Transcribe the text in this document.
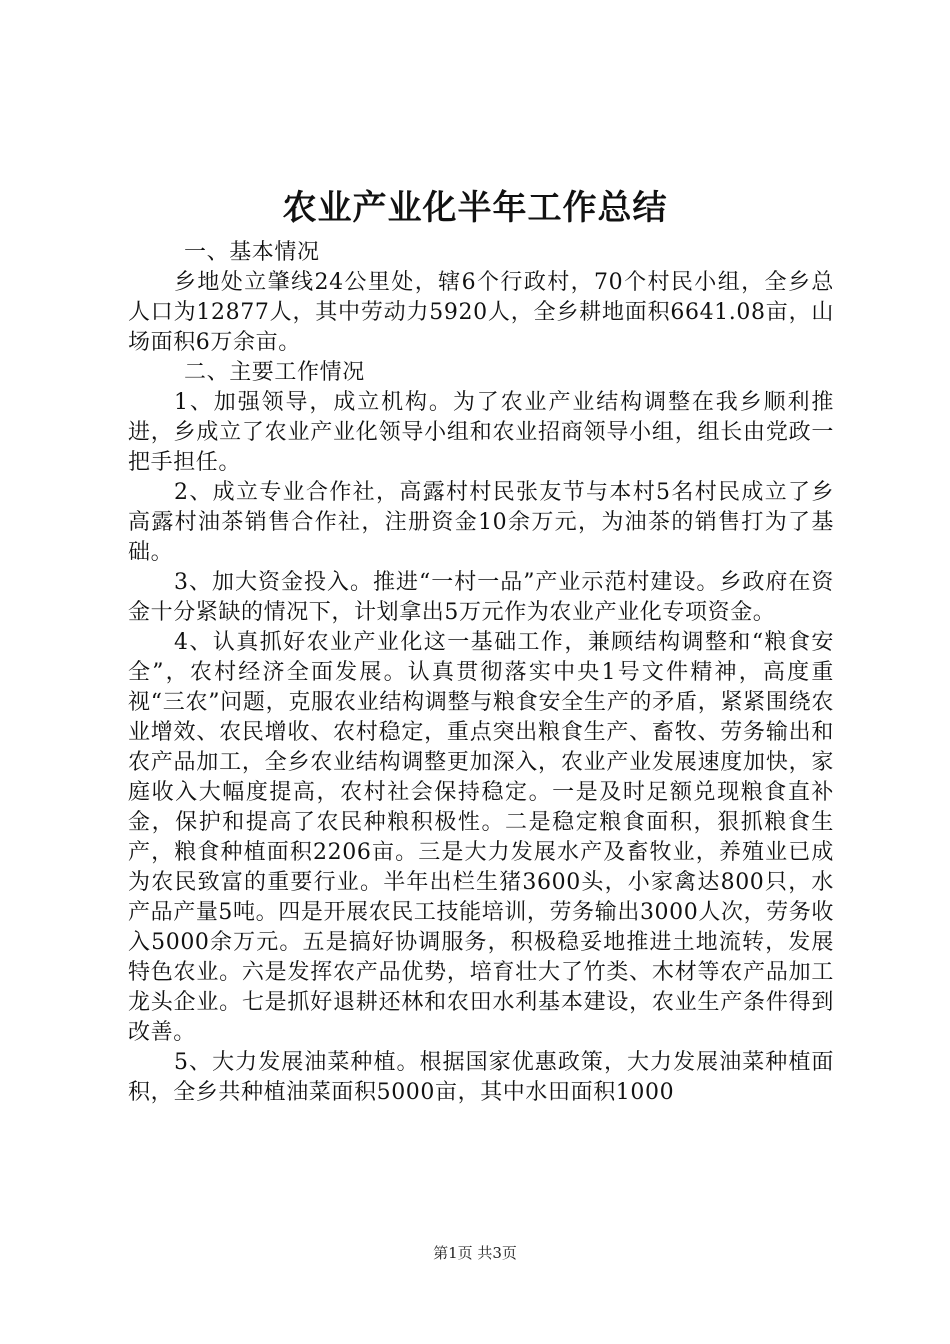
农业产业化半年工作总结

一、基本情况

乡地处立肇线24公里处，辖6个行政村，70个村民小组，全乡总人口为12877人，其中劳动力5920人，全乡耕地面积6641.08亩，山场面积6万余亩。

二、主要工作情况

1、加强领导，成立机构。为了农业产业结构调整在我乡顺利推进，乡成立了农业产业化领导小组和农业招商领导小组，组长由党政一把手担任。

2、成立专业合作社，高露村村民张友节与本村5名村民成立了乡高露村油茶销售合作社，注册资金10余万元，为油茶的销售打为了基础。

3、加大资金投入。推进“一村一品”产业示范村建设。乡政府在资金十分紧缺的情况下，计划拿出5万元作为农业产业化专项资金。

4、认真抓好农业产业化这一基础工作，兼顾结构调整和“粮食安全”，农村经济全面发展。认真贯彻落实中央1号文件精神，高度重视“三农”问题，克服农业结构调整与粮食安全生产的矛盾，紧紧围绕农业增效、农民增收、农村稳定，重点突出粮食生产、畜牧、劳务输出和农产品加工，全乡农业结构调整更加深入，农业产业发展速度加快，家庭收入大幅度提高，农村社会保持稳定。一是及时足额兑现粮食直补金，保护和提高了农民种粮积极性。二是稳定粮食面积，狠抓粮食生产，粮食种植面积2206亩。三是大力发展水产及畜牧业，养殖业已成为农民致富的重要行业。半年出栏生猪3600头，小家禽达800只，水产品产量5吨。四是开展农民工技能培训，劳务输出3000人次，劳务收入5000余万元。五是搞好协调服务，积极稳妥地推进土地流转，发展特色农业。六是发挥农产品优势，培育壮大了竹类、木材等农产品加工龙头企业。七是抓好退耕还林和农田水利基本建设，农业生产条件得到改善。

5、大力发展油菜种植。根据国家优惠政策，大力发展油菜种植面积，全乡共种植油菜面积5000亩，其中水田面积1000

第1页 共3页
